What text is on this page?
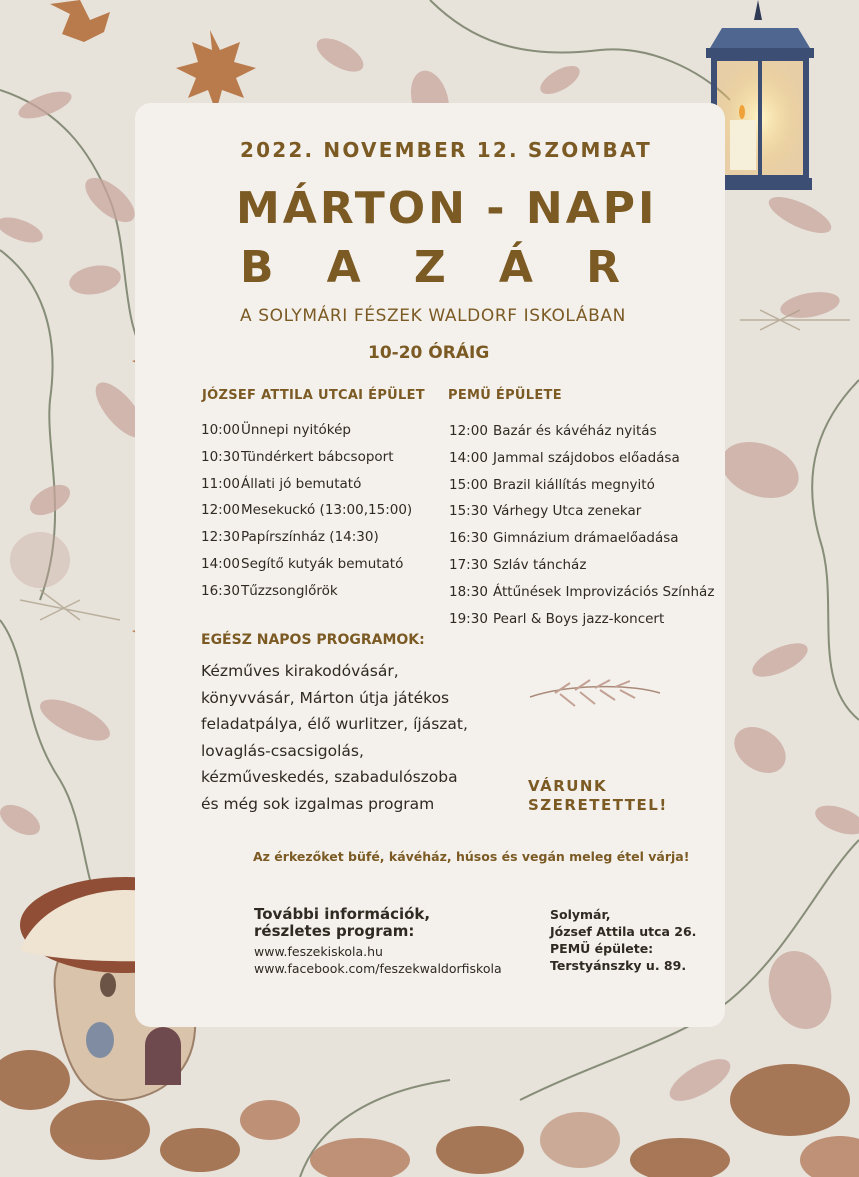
2022. NOVEMBER 12. SZOMBAT

MÁRTON - NAPI
B A Z Á R

A SOLYMÁRI FÉSZEK WALDORF ISKOLÁBAN

10-20 ÓRÁIG

JÓZSEF ATTILA UTCAI ÉPÜLET

10:00Ünnepi nyitókép
10:30Tündérkert bábcsoport
11:00Állati jó bemutató
12:00Mesekuckó (13:00,15:00)
12:30Papírszínház (14:30)
14:00Segítő kutyák bemutató
16:30Tűzzsonglőrök

PEMÜ ÉPÜLETE

12:00 Bazár és kávéház nyitás
14:00 Jammal szájdobos előadása
15:00 Brazil kiállítás megnyitó
15:30 Várhegy Utca zenekar
16:30 Gimnázium drámaelőadása
17:30 Szláv táncház
18:30 Áttűnések Improvizációs Színház
19:30 Pearl & Boys jazz-koncert

EGÉSZ NAPOS PROGRAMOK:

Kézműves kirakodóvásár, könyvvásár, Márton útja játékos feladatpálya, élő wurlitzer, íjászat, lovaglás-csacsigolás, kézműveskedés, szabadulószoba és még sok izgalmas program

VÁRUNK
SZERETETTEL!

Az érkezőket büfé, kávéház, húsos és vegán meleg étel várja!

További információk,
részletes program:
www.feszekiskola.hu
www.facebook.com/feszekwaldorfiskola
Solymár,
József Attila utca 26.
PEMÜ épülete:
Terstyánszky u. 89.
